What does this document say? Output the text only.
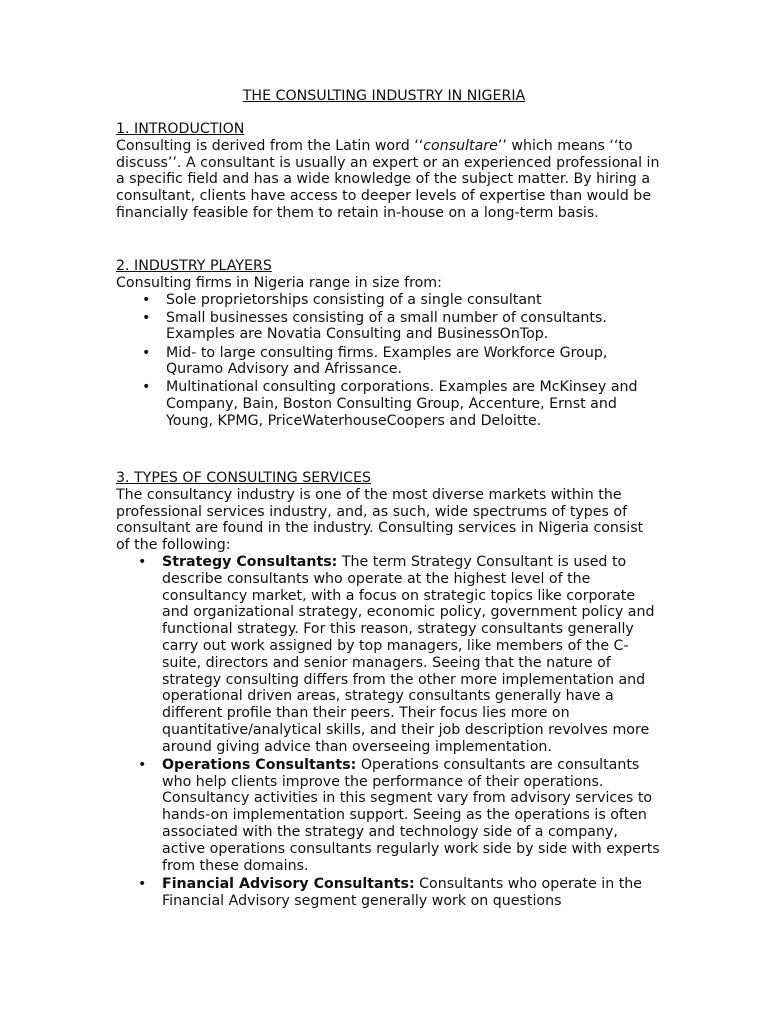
THE CONSULTING INDUSTRY IN NIGERIA
1. INTRODUCTION

Consulting is derived from the Latin word ‘‘consultare’’ which means ‘‘to discuss’’. A consultant is usually an expert or an experienced professional in a specific field and has a wide knowledge of the subject matter. By hiring a consultant, clients have access to deeper levels of expertise than would be financially feasible for them to retain in-house on a long-term basis.

2. INDUSTRY PLAYERS

Consulting firms in Nigeria range in size from:

• Sole proprietorships consisting of a single consultant
• Small businesses consisting of a small number of consultants. Examples are Novatia Consulting and BusinessOnTop.
• Mid- to large consulting firms. Examples are Workforce Group, Quramo Advisory and Afrissance.
• Multinational consulting corporations. Examples are McKinsey and Company, Bain, Boston Consulting Group, Accenture, Ernst and Young, KPMG, PriceWaterhouseCoopers and Deloitte.
3. TYPES OF CONSULTING SERVICES

The consultancy industry is one of the most diverse markets within the professional services industry, and, as such, wide spectrums of types of consultant are found in the industry. Consulting services in Nigeria consist of the following:

• Strategy Consultants: The term Strategy Consultant is used to describe consultants who operate at the highest level of the consultancy market, with a focus on strategic topics like corporate and organizational strategy, economic policy, government policy and functional strategy. For this reason, strategy consultants generally carry out work assigned by top managers, like members of the C-suite, directors and senior managers. Seeing that the nature of strategy consulting differs from the other more implementation and operational driven areas, strategy consultants generally have a different profile than their peers. Their focus lies more on quantitative/analytical skills, and their job description revolves more around giving advice than overseeing implementation.
• Operations Consultants: Operations consultants are consultants who help clients improve the performance of their operations. Consultancy activities in this segment vary from advisory services to hands-on implementation support. Seeing as the operations is often associated with the strategy and technology side of a company, active operations consultants regularly work side by side with experts from these domains.
• Financial Advisory Consultants: Consultants who operate in the Financial Advisory segment generally work on questions
